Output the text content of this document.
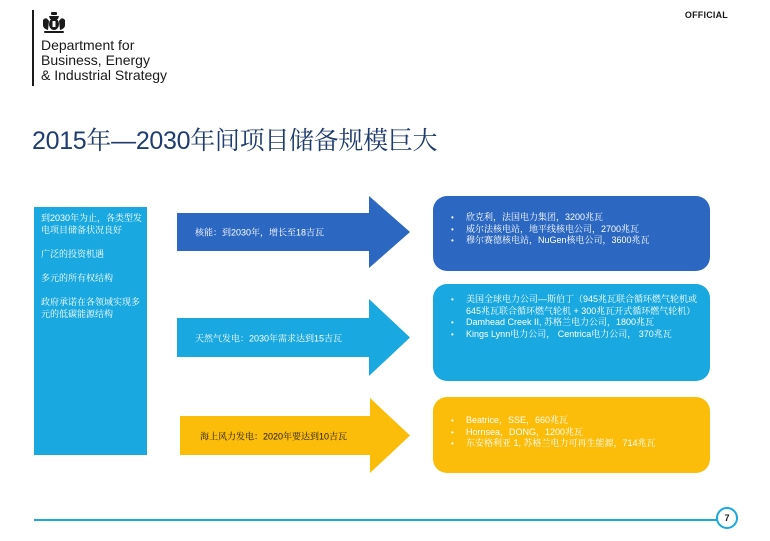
Department for
Business, Energy
& Industrial Strategy
OFFICIAL
2015年—2030年间项目储备规模巨大

到2030年为止，各类型发电项目储备状况良好

广泛的投资机遇

多元的所有权结构

政府承诺在各领域实现多元的低碳能源结构

核能：到2030年，增长至18吉瓦
• 欣克利，法国电力集团，3200兆瓦
• 威尔法核电站，地平线核电公司，2700兆瓦
• 穆尔赛德核电站，NuGen核电公司，3600兆瓦
天然气发电：2030年需求达到15吉瓦
• 美国全球电力公司—斯伯丁（945兆瓦联合循环燃气轮机或645兆瓦联合循环燃气轮机 + 300兆瓦开式循环燃气轮机）
• Damhead Creek II, 苏格兰电力公司，1800兆瓦
• Kings Lynn电力公司， Centrica电力公司， 370兆瓦
海上风力发电：2020年要达到10吉瓦
• Beatrice，SSE，660兆瓦
• Hornsea，DONG，1200兆瓦
• 东安格利亚 1, 苏格兰电力可再生能源，714兆瓦
7
